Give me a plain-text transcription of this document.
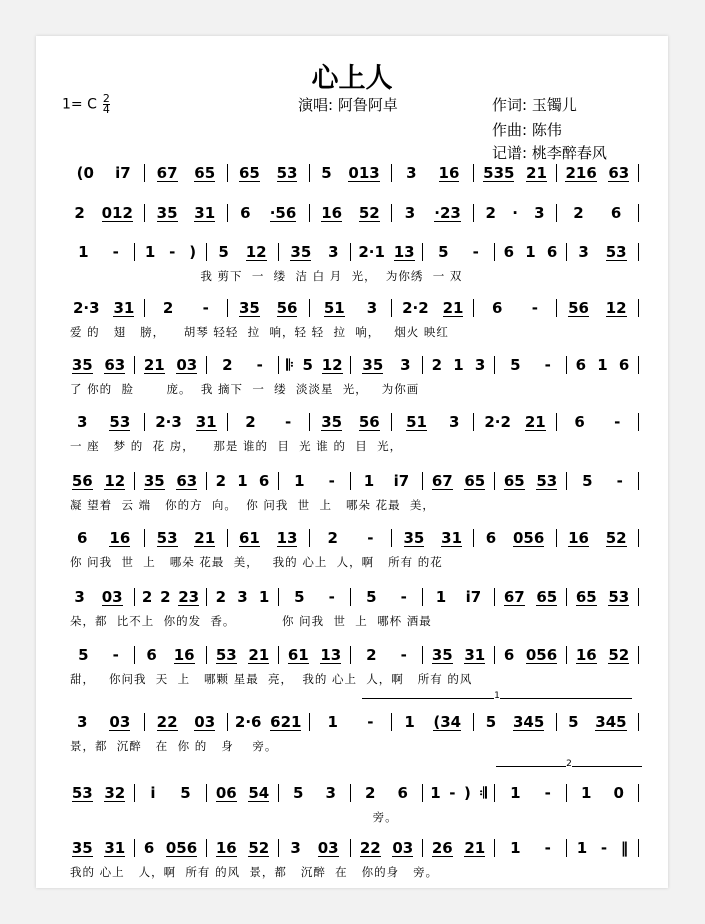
心上人
1= C $\frac{2}{4}$	演唱: 阿鲁阿卓	作词: 玉镯儿
作曲: 陈伟
记谱: 桃李醉春风
(0 i7 67 65 65 53 5 013 3 16 535 21 216 63
2 012 35 31 6 ·56 16 52 3 ·23 2 · 3 2 6
1 - 1 - ) 5 12 35 3 2·1 13 5 - 6 1 6 3 53
我 剪下  一  缕  洁 白 月  光，  为你绣  一 双
2·3 31 2 - 35 56 51 3 2·2 21 6 - 56 12
爱 的   翅   膀，    胡琴 轻轻  拉  响，轻 轻  拉  响，   烟火 映红
35 63 21 03 2 - 𝄆 5 12 35 3 2 1 3 5 - 6 1 6
了 你的  脸       庞。  我 摘下  一  缕  淡淡星  光，   为你画
3 53 2·3 31 2 - 35 56 51 3 2·2 21 6 -
一 座   梦 的  花 房，    那是 谁的  目  光 谁 的  目  光，
56 12 35 63 2 1 6 1 - 1 i7 67 65 65 53 5 -
凝 望着  云 端   你的方  向。  你 问我  世  上   哪朵 花最  美，
6 16 53 21 61 13 2 - 35 31 6 056 16 52
你 问我  世  上   哪朵 花最  美，   我的 心上  人，啊   所有 的花
3 03 2 2 23 2 3 1 5 - 5 - 1 i7 67 65 65 53
朵，都  比不上  你的发  香。          你 问我  世  上  哪杯 酒最
5 - 6 16 53 21 61 13 2 - 35 31 6 056 16 52
甜，   你问我  天  上   哪颗 星最  亮，  我的 心上  人，啊   所有 的风
3 03 22 03 2·6 621 1 - 1 (34 5 345 5 345
景，都  沉醉   在  你 的   身    旁。
53 32 i 5 06 54 5 3 2 6 1 - ) 𝄇 1 - 1 0
旁。
35 31 6 056 16 52 3 03 22 03 26 21 1 - 1 - ‖
我的 心上   人，啊  所有 的风  景，都   沉醉  在   你的身   旁。
1
2
